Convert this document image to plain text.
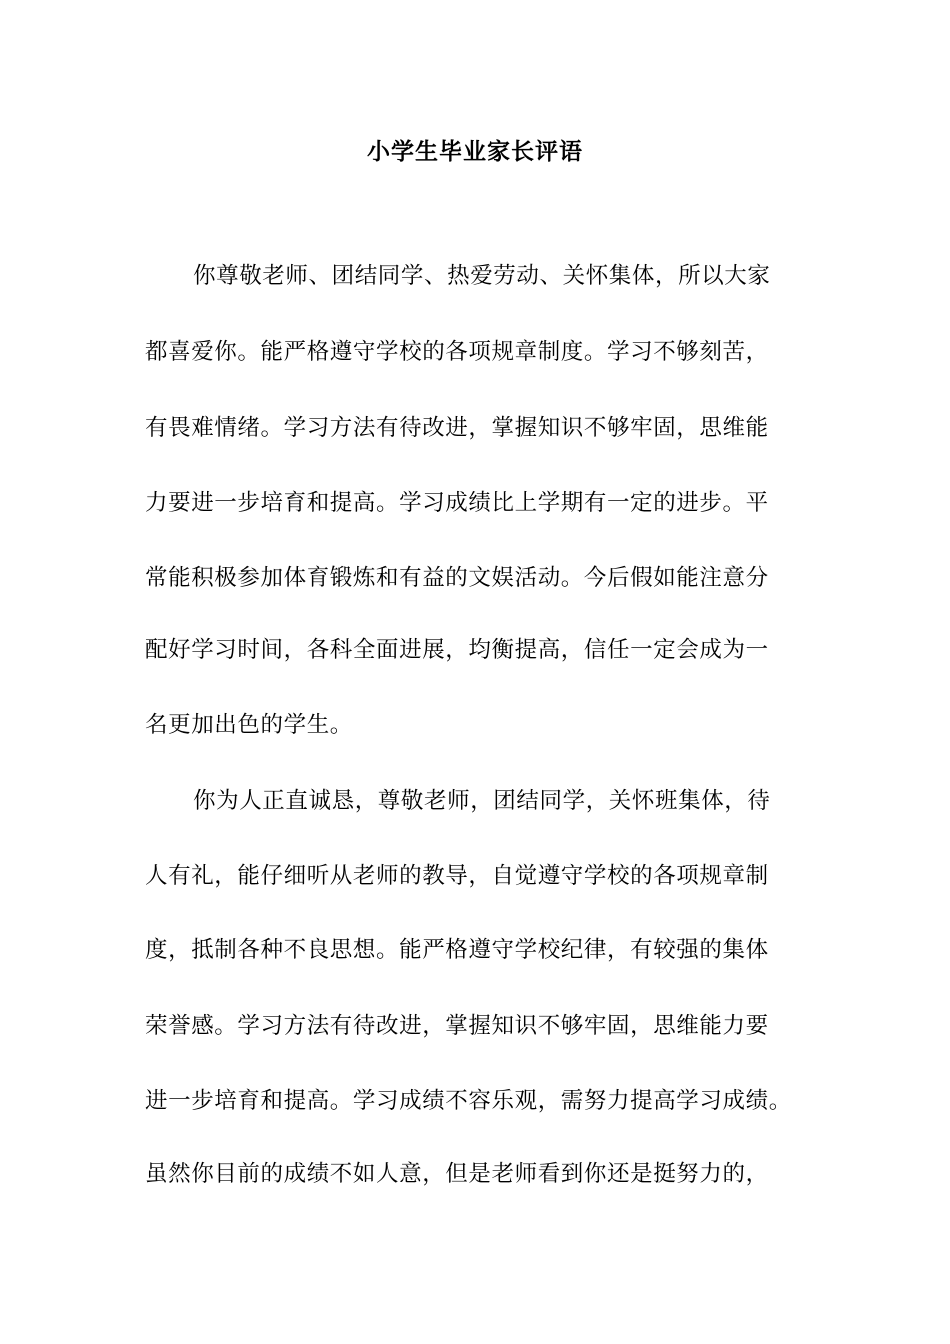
小学生毕业家长评语
你尊敬老师、团结同学、热爱劳动、关怀集体，所以大家
都喜爱你。能严格遵守学校的各项规章制度。学习不够刻苦，
有畏难情绪。学习方法有待改进，掌握知识不够牢固，思维能
力要进一步培育和提高。学习成绩比上学期有一定的进步。平
常能积极参加体育锻炼和有益的文娱活动。今后假如能注意分
配好学习时间，各科全面进展，均衡提高，信任一定会成为一
名更加出色的学生。
你为人正直诚恳，尊敬老师，团结同学，关怀班集体，待
人有礼，能仔细听从老师的教导，自觉遵守学校的各项规章制
度，抵制各种不良思想。能严格遵守学校纪律，有较强的集体
荣誉感。学习方法有待改进，掌握知识不够牢固，思维能力要
进一步培育和提高。学习成绩不容乐观，需努力提高学习成绩。
虽然你目前的成绩不如人意，但是老师看到你还是挺努力的，
